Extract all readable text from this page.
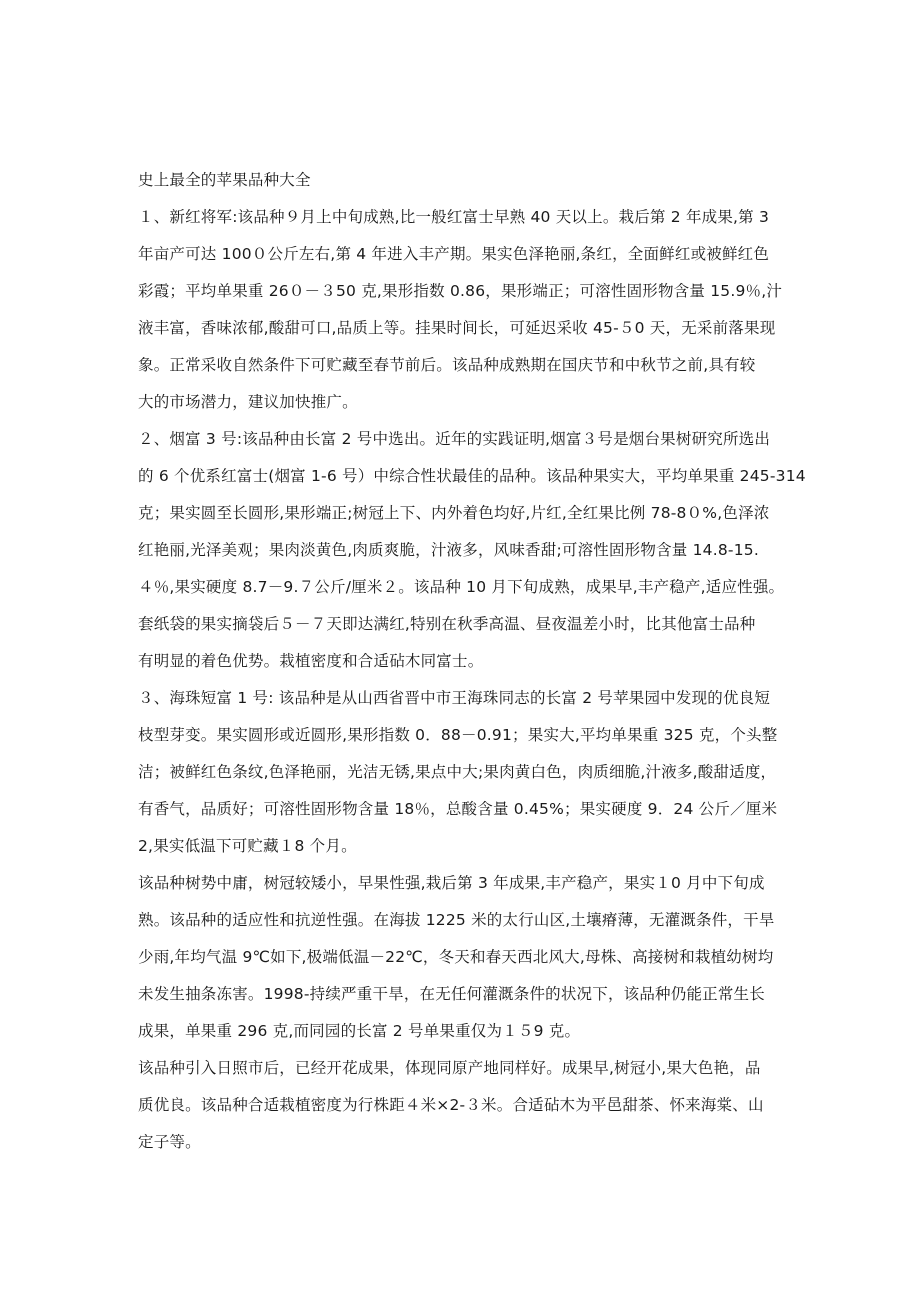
史上最全的苹果品种大全
１、新红将军:该品种９月上中旬成熟,比一般红富士早熟 40 天以上。栽后第 2 年成果,第 3
年亩产可达 100０公斤左右,第 4 年进入丰产期。果实色泽艳丽,条红，全面鲜红或被鲜红色
彩霞；平均单果重 26０－３50 克,果形指数 0.86，果形端正；可溶性固形物含量 15.9％,汁
液丰富，香味浓郁,酸甜可口,品质上等。挂果时间长，可延迟采收 45-５0 天，无采前落果现
象。正常采收自然条件下可贮藏至春节前后。该品种成熟期在国庆节和中秋节之前,具有较
大的市场潜力，建议加快推广。
２、烟富 3 号:该品种由长富 2 号中选出。近年的实践证明,烟富３号是烟台果树研究所选出
的 6 个优系红富士(烟富 1-6 号）中综合性状最佳的品种。该品种果实大，平均单果重 245-314
克；果实圆至长圆形,果形端正;树冠上下、内外着色均好,片红,全红果比例 78-8０%,色泽浓
红艳丽,光泽美观；果肉淡黄色,肉质爽脆，汁液多，风味香甜;可溶性固形物含量 14.8-15.
４％,果实硬度 8.7－9.７公斤/厘米２。该品种 10 月下旬成熟，成果早,丰产稳产,适应性强。
套纸袋的果实摘袋后５－７天即达满红,特别在秋季高温、昼夜温差小时，比其他富士品种
有明显的着色优势。栽植密度和合适砧木同富士。
３、海珠短富 1 号: 该品种是从山西省晋中市王海珠同志的长富 2 号苹果园中发现的优良短
枝型芽变。果实圆形或近圆形,果形指数 0．88－0.91；果实大,平均单果重 325 克，个头整
洁；被鲜红色条纹,色泽艳丽，光洁无锈,果点中大;果肉黄白色，肉质细脆,汁液多,酸甜适度，
有香气，品质好；可溶性固形物含量 18％，总酸含量 0.45%；果实硬度 9．24 公斤／厘米
2,果实低温下可贮藏１8 个月。
该品种树势中庸，树冠较矮小，早果性强,栽后第 3 年成果,丰产稳产，果实１0 月中下旬成
熟。该品种的适应性和抗逆性强。在海拔 1225 米的太行山区,土壤瘠薄，无灌溉条件，干旱
少雨,年均气温 9℃如下,极端低温－22℃，冬天和春天西北风大,母株、高接树和栽植幼树均
未发生抽条冻害。1998-持续严重干旱，在无任何灌溉条件的状况下，该品种仍能正常生长
成果，单果重 296 克,而同园的长富 2 号单果重仅为１５9 克。
该品种引入日照市后，已经开花成果，体现同原产地同样好。成果早,树冠小,果大色艳，品
质优良。该品种合适栽植密度为行株距４米×2-３米。合适砧木为平邑甜茶、怀来海棠、山
定子等。
